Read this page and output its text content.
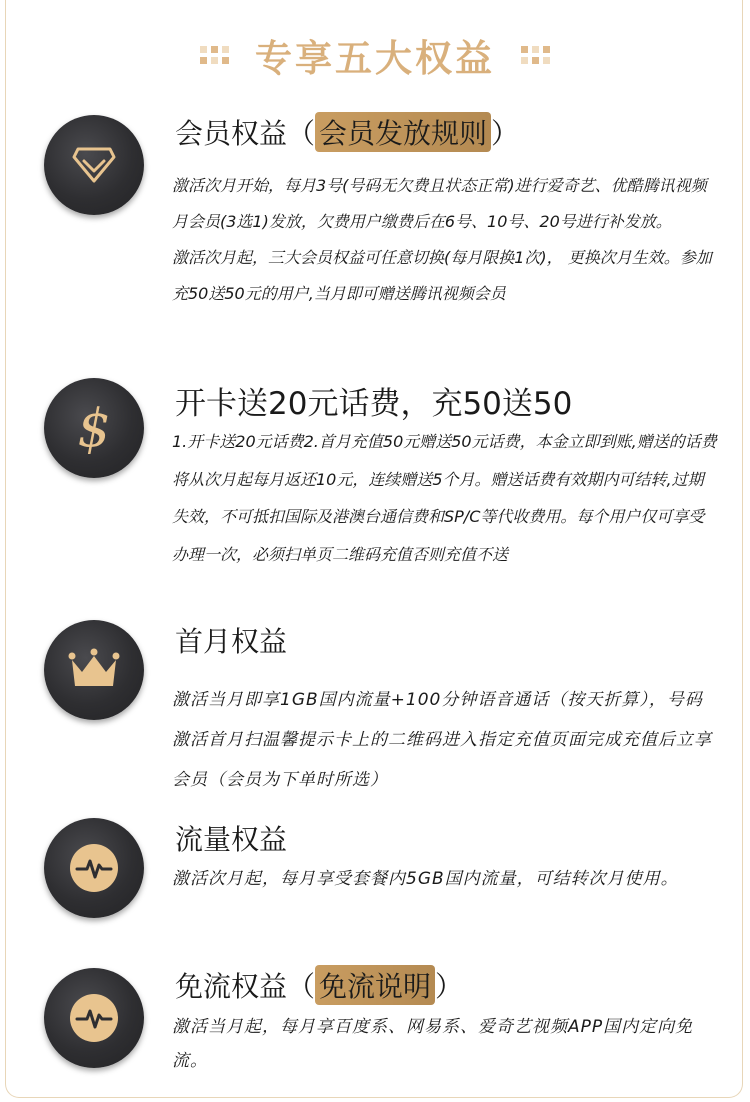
专享五大权益
会员权益 （ 会员发放规则 ）

激活次月开始，每月3号(号码无欠费且状态正常)进行爱奇艺、优酷腾讯视频月会员(3选1)发放，欠费用户缴费后在6号、10号、20号进行补发放。

激活次月起，三大会员权益可任意切换(每月限换1次)， 更换次月生效。参加充50送50元的用户,当月即可赠送腾讯视频会员

$ 开卡送20元话费，充50送50

1.开卡送20元话费2.首月充值50元赠送50元话费，本金立即到账,赠送的话费将从次月起每月返还10元，连续赠送5个月。赠送话费有效期内可结转,过期失效，不可抵扣国际及港澳台通信费和SP/C等代收费用。每个用户仅可享受办理一次，必须扫单页二维码充值否则充值不送

首月权益

激活当月即享1GB国内流量+100分钟语音通话（按天折算），号码激活首月扫温馨提示卡上的二维码进入指定充值页面完成充值后立享会员（会员为下单时所选）

流量权益

激活次月起，每月享受套餐内5GB国内流量，可结转次月使用。

免流权益 （ 免流说明 ）

激活当月起，每月享百度系、网易系、爱奇艺视频APP国内定向免流。
